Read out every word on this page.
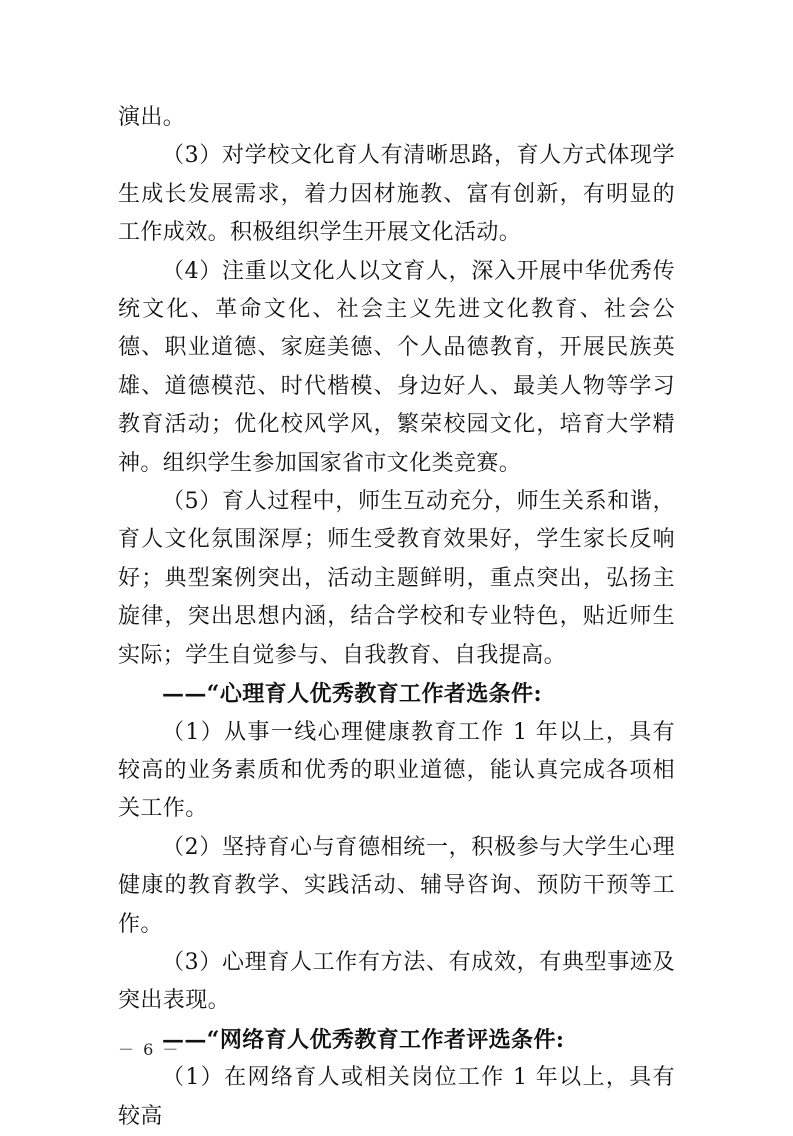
演出。

（3）对学校文化育人有清晰思路，育人方式体现学生成长发展需求，着力因材施教、富有创新，有明显的工作成效。积极组织学生开展文化活动。

（4）注重以文化人以文育人，深入开展中华优秀传统文化、革命文化、社会主义先进文化教育、社会公德、职业道德、家庭美德、个人品德教育，开展民族英雄、道德模范、时代楷模、身边好人、最美人物等学习教育活动；优化校风学风，繁荣校园文化，培育大学精神。组织学生参加国家省市文化类竞赛。

（5）育人过程中，师生互动充分，师生关系和谐，育人文化氛围深厚；师生受教育效果好，学生家长反响好；典型案例突出，活动主题鲜明，重点突出，弘扬主旋律，突出思想内涵，结合学校和专业特色，贴近师生实际；学生自觉参与、自我教育、自我提高。

——“心理育人优秀教育工作者选条件:

（1）从事一线心理健康教育工作 1 年以上，具有较高的业务素质和优秀的职业道德，能认真完成各项相关工作。

（2）坚持育心与育德相统一，积极参与大学生心理健康的教育教学、实践活动、辅导咨询、预防干预等工作。

（3）心理育人工作有方法、有成效，有典型事迹及突出表现。

——“网络育人优秀教育工作者评选条件:

（1）在网络育人或相关岗位工作 1 年以上，具有较高

－ 6 －
